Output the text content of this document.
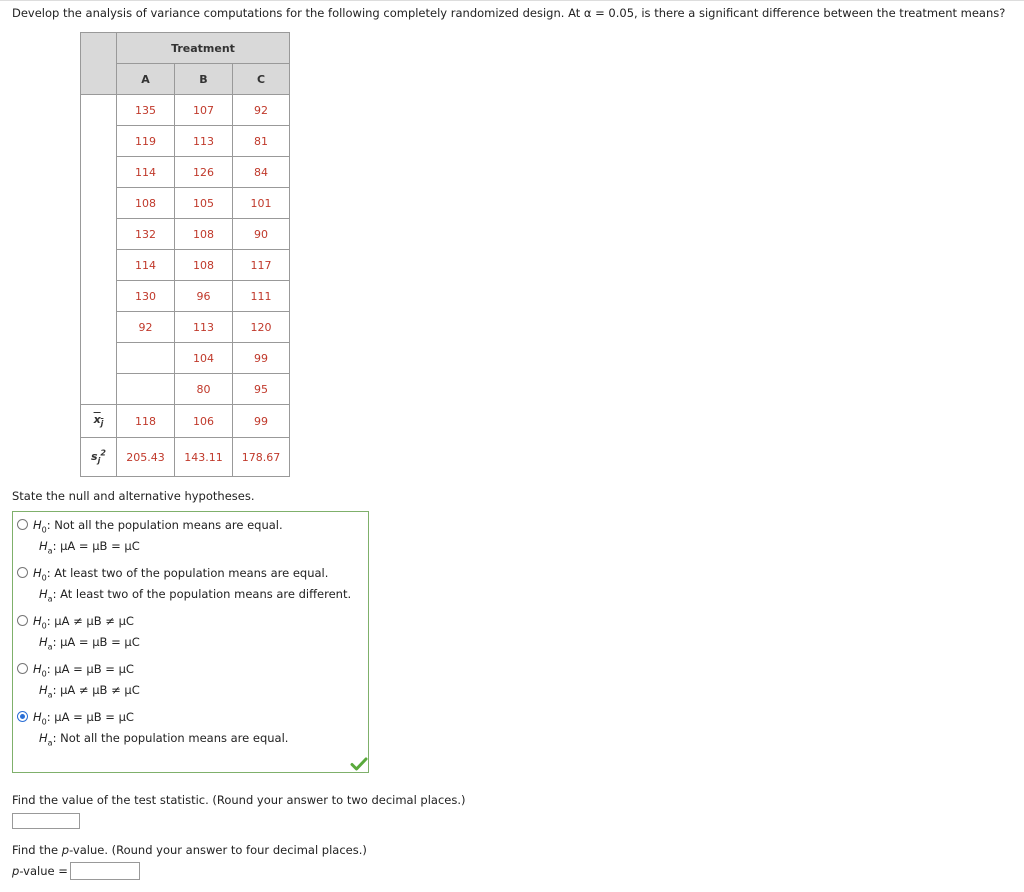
Develop the analysis of variance computations for the following completely randomized design. At α = 0.05, is there a significant difference between the treatment means?
	Treatment		
	A	B	C
	135	107	92
	119	113	81
	114	126	84
	108	105	101
	132	108	90
	114	108	117
	130	96	111
	92	113	120
		104	99
		80	95
$x_j$	118	106	99
$s_j^2$	205.43	143.11	178.67
State the null and alternative hypotheses.
$H_0$: Not all the population means are equal.
$H_a$: μA = μB = μC
$H_0$: At least two of the population means are equal.
$H_a$: At least two of the population means are different.
$H_0$: μA ≠ μB ≠ μC
$H_a$: μA = μB = μC
$H_0$: μA = μB = μC
$H_a$: μA ≠ μB ≠ μC
$H_0$: μA = μB = μC
$H_a$: Not all the population means are equal.
Find the value of the test statistic. (Round your answer to two decimal places.)
Find the p-value. (Round your answer to four decimal places.)
p-value =
